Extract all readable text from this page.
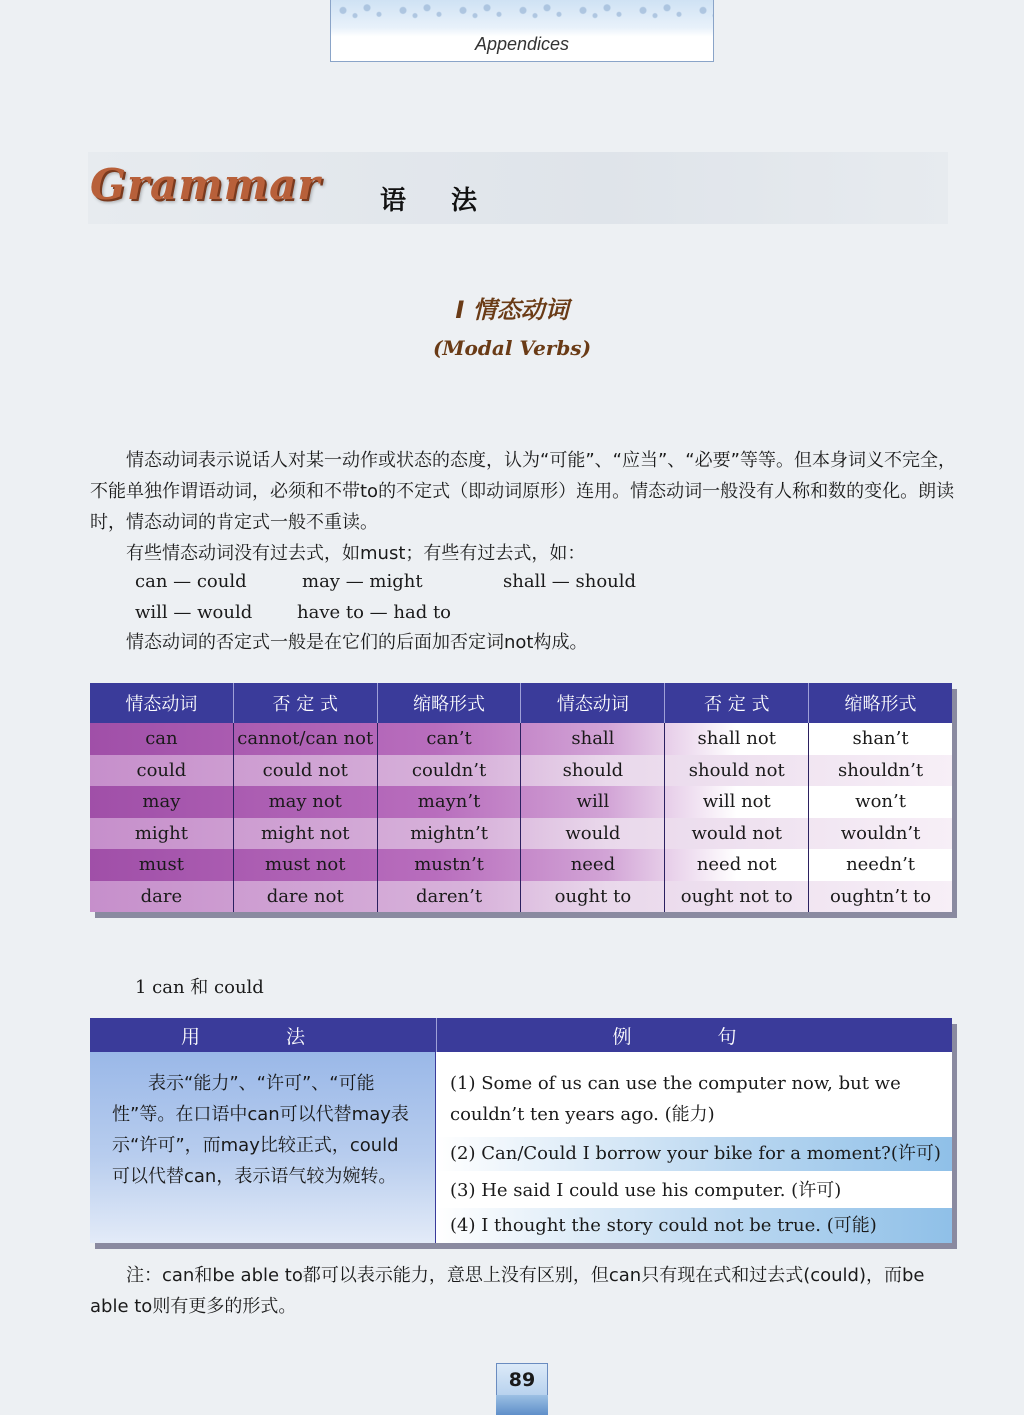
Appendices
Grammar 语 法
I 情态动词
(Modal Verbs)

情态动词表示说话人对某一动作或状态的态度，认为“可能”、“应当”、“必要”等等。但本身词义不完全，不能单独作谓语动词，必须和不带to的不定式（即动词原形）连用。情态动词一般没有人称和数的变化。朗读时，情态动词的肯定式一般不重读。

有些情态动词没有过去式，如must；有些有过去式，如：

can — could	may — might	shall — should
will — would have to — had to

情态动词的否定式一般是在它们的后面加否定词not构成。

情态动词	否 定 式	缩略形式	情态动词	否 定 式	缩略形式
can	cannot/can not	can’t	shall	shall not	shan’t
could	could not	couldn’t	should	should not	shouldn’t
may	may not	mayn’t	will	will not	won’t
might	might not	mightn’t	would	would not	wouldn’t
must	must not	mustn’t	need	need not	needn’t
dare	dare not	daren’t	ought to	ought not to	oughtn’t to
1 can 和 could
用 法	例 句
表示“能力”、“许可”、“可能性”等。在口语中can可以代替may表示“许可”，而may比较正式，could可以代替can，表示语气较为婉转。
(1) Some of us can use the computer now, but we couldn’t ten years ago. (能力)
(2) Can/Could I borrow your bike for a moment?(许可)
(3) He said I could use his computer. (许可)
(4) I thought the story could not be true. (可能)
注：can和be able to都可以表示能力，意思上没有区别，但can只有现在式和过去式(could)，而be able to则有更多的形式。
89
